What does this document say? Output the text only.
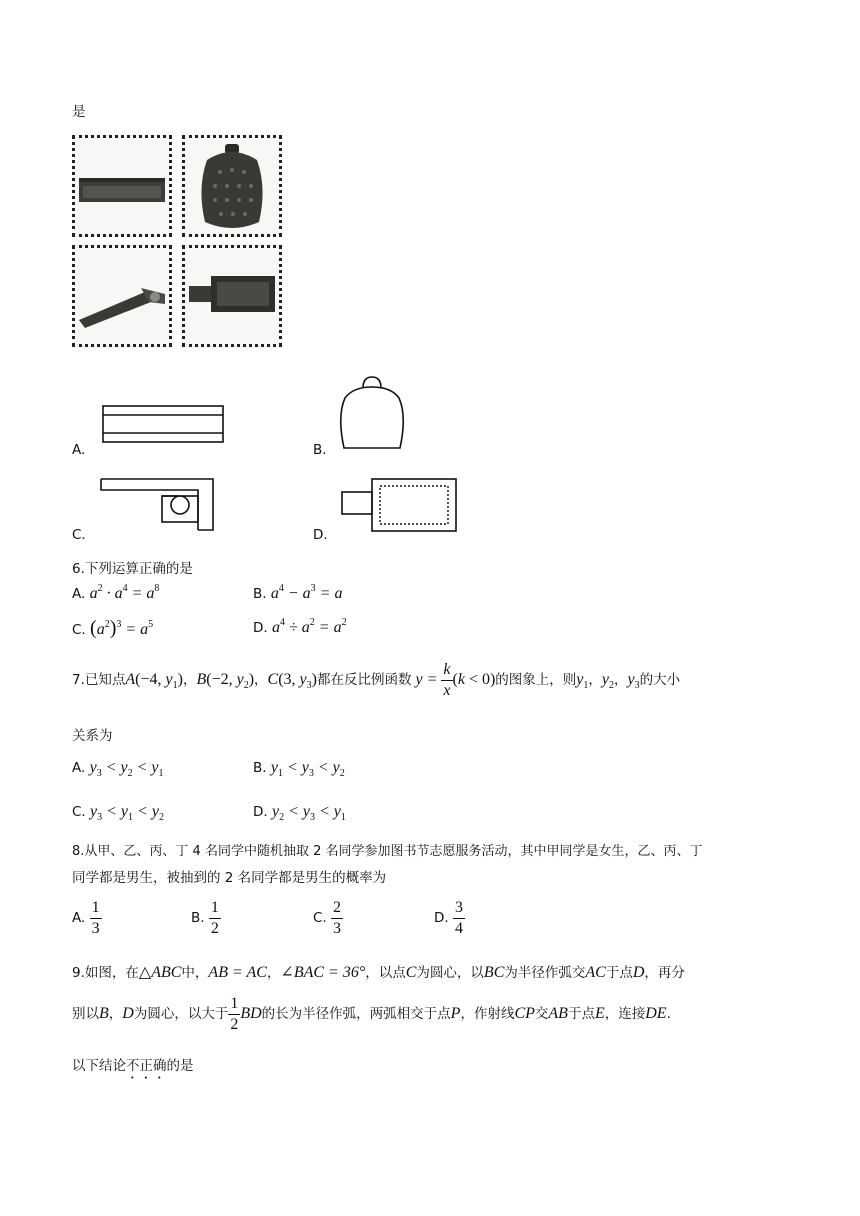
是
A.	B.
C.	D.
6.下列运算正确的是
A. $a^2 \cdot a^4 = a^8$	B. $a^4 - a^3 = a$
C. $(a^2)^3 = a^5$	D. $a^4 \div a^2 = a^2$
7.已知点A(−4, $y_1$)，B(−2, $y_2$)，C(3, $y_3$)都在反比例函数 $y = \frac{k}{x} (k < 0)$的图象上，则$y_1$，$y_2$，$y_3$的大小
关系为
A. $y_3 < y_2 < y_1$	B. $y_1 < y_3 < y_2$
C. $y_3 < y_1 < y_2$	D. $y_2 < y_3 < y_1$
8.从甲、乙、丙、丁 4 名同学中随机抽取 2 名同学参加图书节志愿服务活动，其中甲同学是女生，乙、丙、丁
同学都是男生，被抽到的 2 名同学都是男生的概率为
A. $\frac{1}{3}$	B. $\frac{1}{2}$	C. $\frac{2}{3}$	D. $\frac{3}{4}$
9.如图，在△ABC中，AB = AC，∠BAC = 36°，以点C为圆心，以BC为半径作弧交AC于点D，再分
别以B，D为圆心，以大于 $\frac{1}{2}$ BD的长为半径作弧，两弧相交于点P，作射线CP交AB于点E，连接DE.
以下结论不正确的是
